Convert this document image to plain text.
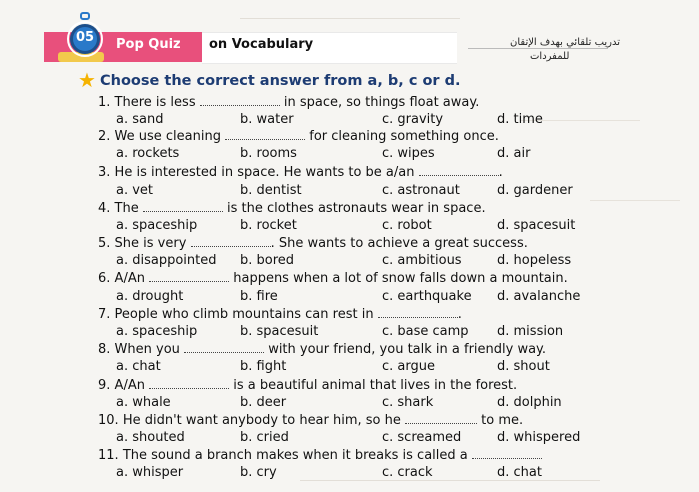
05	Pop Quiz on Vocabulary	تدريب تلقائي بهدف الإتقان
للمفردات
★ Choose the correct answer from a, b, c or d.
1. There is less	in space, so things float away.
a. sand	b. water	c. gravity	d. time
2. We use cleaning	for cleaning something once.
a. rockets	b. rooms	c. wipes	d. air
3. He is interested in space. He wants to be a/an	.
a. vet	b. dentist	c. astronaut	d. gardener
4. The	is the clothes astronauts wear in space.
a. spaceship	b. rocket	c. robot	d. spacesuit
5. She is very	. She wants to achieve a great success.
a. disappointed b. bored	c. ambitious	d. hopeless
6. A/An	happens when a lot of snow falls down a mountain.
a. drought	b. fire	c. earthquake d. avalanche
7. People who climb mountains can rest in	.
a. spaceship	b. spacesuit	c. base camp d. mission
8. When you	with your friend, you talk in a friendly way.
a. chat	b. fight	c. argue	d. shout
9. A/An	is a beautiful animal that lives in the forest.
a. whale	b. deer	c. shark	d. dolphin
10. He didn't want anybody to hear him, so he	to me.
a. shouted	b. cried	c. screamed	d. whispered
11. The sound a branch makes when it breaks is called a
a. whisper	b. cry	c. crack	d. chat
